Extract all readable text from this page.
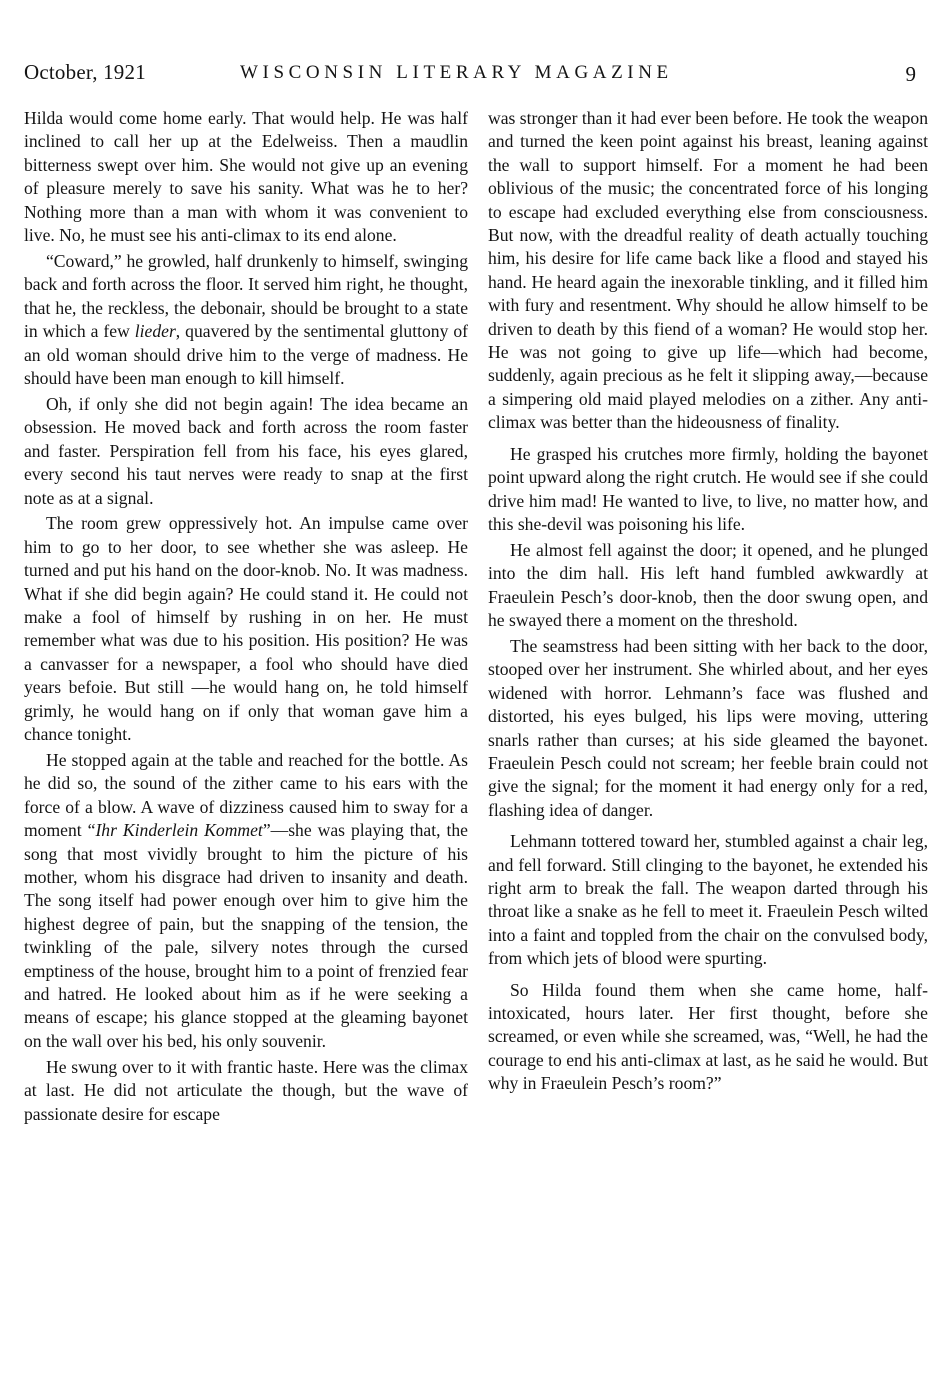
October, 1921	WISCONSIN LITERARY MAGAZINE	9

Hilda would come home early. That would help. He was half inclined to call her up at the Edelweiss. Then a maudlin bitterness swept over him. She would not give up an evening of pleasure merely to save his sanity. What was he to her? Nothing more than a man with whom it was convenient to live. No, he must see his anti-climax to its end alone.

“Coward,” he growled, half drunkenly to himself, swinging back and forth across the floor. It served him right, he thought, that he, the reckless, the debonair, should be brought to a state in which a few lieder, quavered by the sentimental gluttony of an old woman should drive him to the verge of madness. He should have been man enough to kill himself.

Oh, if only she did not begin again! The idea became an obsession. He moved back and forth across the room faster and faster. Perspiration fell from his face, his eyes glared, every second his taut nerves were ready to snap at the first note as at a signal.

The room grew oppressively hot. An impulse came over him to go to her door, to see whether she was asleep. He turned and put his hand on the door-knob. No. It was madness. What if she did begin again? He could stand it. He could not make a fool of himself by rushing in on her. He must remember what was due to his position. His position? He was a canvasser for a newspaper, a fool who should have died years befoie. But still —he would hang on, he told himself grimly, he would hang on if only that woman gave him a chance tonight.

He stopped again at the table and reached for the bottle. As he did so, the sound of the zither came to his ears with the force of a blow. A wave of dizziness caused him to sway for a moment “Ihr Kinderlein Kommet”—she was playing that, the song that most vividly brought to him the picture of his mother, whom his disgrace had driven to insanity and death. The song itself had power enough over him to give him the highest degree of pain, but the snapping of the tension, the twinkling of the pale, silvery notes through the cursed emptiness of the house, brought him to a point of frenzied fear and hatred. He looked about him as if he were seeking a means of escape; his glance stopped at the gleaming bayonet on the wall over his bed, his only souvenir.

He swung over to it with frantic haste. Here was the climax at last. He did not articulate the though, but the wave of passionate desire for escape

was stronger than it had ever been before. He took the weapon and turned the keen point against his breast, leaning against the wall to support himself. For a moment he had been oblivious of the music; the concentrated force of his longing to escape had excluded everything else from consciousness. But now, with the dreadful reality of death actually touching him, his desire for life came back like a flood and stayed his hand. He heard again the inexorable tinkling, and it filled him with fury and resentment. Why should he allow himself to be driven to death by this fiend of a woman? He would stop her. He was not going to give up life—which had become, suddenly, again precious as he felt it slipping away,—because a simpering old maid played melodies on a zither. Any anti-climax was better than the hideousness of finality.

He grasped his crutches more firmly, holding the bayonet point upward along the right crutch. He would see if she could drive him mad! He wanted to live, to live, no matter how, and this she-devil was poisoning his life.

He almost fell against the door; it opened, and he plunged into the dim hall. His left hand fumbled awkwardly at Fraeulein Pesch’s door-knob, then the door swung open, and he swayed there a moment on the threshold.

The seamstress had been sitting with her back to the door, stooped over her instrument. She whirled about, and her eyes widened with horror. Lehmann’s face was flushed and distorted, his eyes bulged, his lips were moving, uttering snarls rather than curses; at his side gleamed the bayonet. Fraeulein Pesch could not scream; her feeble brain could not give the signal; for the moment it had energy only for a red, flashing idea of danger.

Lehmann tottered toward her, stumbled against a chair leg, and fell forward. Still clinging to the bayonet, he extended his right arm to break the fall. The weapon darted through his throat like a snake as he fell to meet it. Fraeulein Pesch wilted into a faint and toppled from the chair on the convulsed body, from which jets of blood were spurting.

So Hilda found them when she came home, half-intoxicated, hours later. Her first thought, before she screamed, or even while she screamed, was, “Well, he had the courage to end his anti-climax at last, as he said he would. But why in Fraeulein Pesch’s room?”
